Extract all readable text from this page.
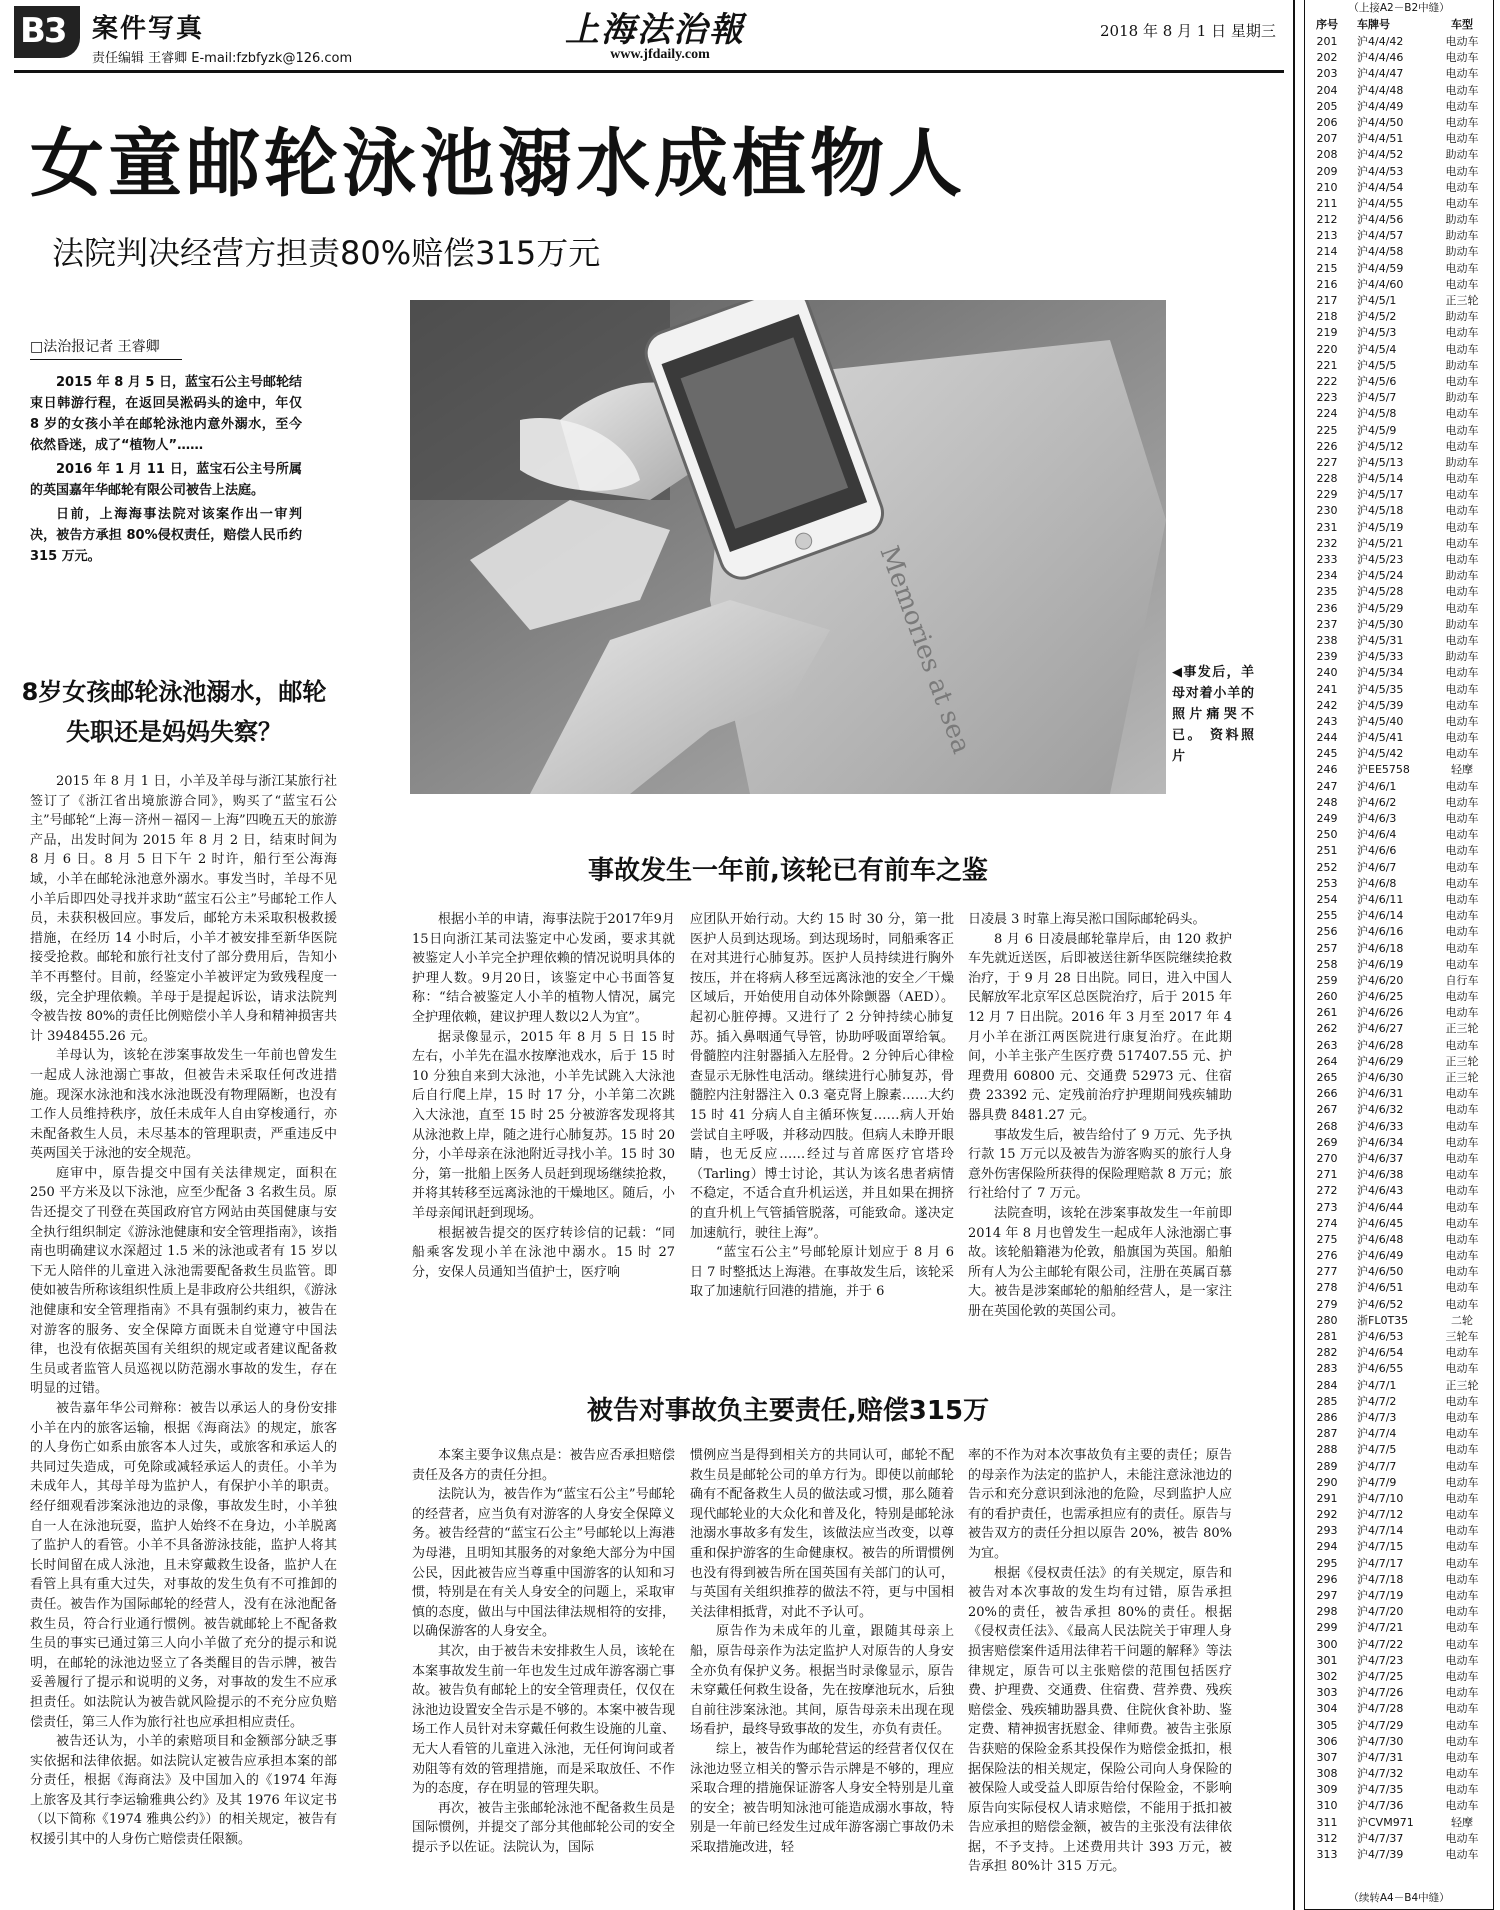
B3	案件写真
责任编辑 王睿卿 E-mail:fzbfyzk@126.com
上海法治報
www.jfdaily.com
2018 年 8 月 1 日 星期三
女童邮轮泳池溺水成植物人
法院判决经营方担责80%赔偿315万元
□法治报记者 王睿卿

2015 年 8 月 5 日，蓝宝石公主号邮轮结束日韩游行程，在返回吴淞码头的途中，年仅 8 岁的女孩小羊在邮轮泳池内意外溺水，至今依然昏迷，成了“植物人”……

2016 年 1 月 11 日，蓝宝石公主号所属的英国嘉年华邮轮有限公司被告上法庭。

日前，上海海事法院对该案作出一审判决，被告方承担 80%侵权责任，赔偿人民币约 315 万元。	Memories at sea	◀事发后，羊母对着小羊的照片痛哭不已。 资料照片
8岁女孩邮轮泳池溺水，邮轮失职还是妈妈失察？
事故发生一年前,该轮已有前车之鉴
被告对事故负主要责任,赔偿315万

2015 年 8 月 1 日，小羊及羊母与浙江某旅行社签订了《浙江省出境旅游合同》，购买了“蓝宝石公主”号邮轮“上海－济州－福冈－上海”四晚五天的旅游产品，出发时间为 2015 年 8 月 2 日，结束时间为 8 月 6 日。8 月 5 日下午 2 时许，船行至公海海域，小羊在邮轮泳池意外溺水。事发当时，羊母不见小羊后即四处寻找并求助“蓝宝石公主”号邮轮工作人员，未获积极回应。事发后，邮轮方未采取积极救援措施，在经历 14 小时后，小羊才被安排至新华医院接受抢救。邮轮和旅行社支付了部分费用后，告知小羊不再整付。目前，经鉴定小羊被评定为致残程度一级，完全护理依赖。羊母于是提起诉讼，请求法院判令被告按 80%的责任比例赔偿小羊人身和精神损害共计 3948455.26 元。

羊母认为，该轮在涉案事故发生一年前也曾发生一起成人泳池溺亡事故，但被告未采取任何改进措施。现深水泳池和浅水泳池既没有物理隔断，也没有工作人员维持秩序，放任未成年人自由穿梭通行，亦未配备救生人员，未尽基本的管理职责，严重违反中英两国关于泳池的安全规范。

庭审中，原告提交中国有关法律规定，面积在 250 平方米及以下泳池，应至少配备 3 名救生员。原告还提交了刊登在英国政府官方网站由英国健康与安全执行组织制定《游泳池健康和安全管理指南》，该指南也明确建议水深超过 1.5 米的泳池或者有 15 岁以下无人陪伴的儿童进入泳池需要配备救生员监管。即使如被告所称该组织性质上是非政府公共组织，《游泳池健康和安全管理指南》不具有强制约束力，被告在对游客的服务、安全保障方面既未自觉遵守中国法律，也没有依据英国有关组织的规定或者建议配备救生员或者监管人员巡视以防范溺水事故的发生，存在明显的过错。

被告嘉年华公司辩称：被告以承运人的身份安排小羊在内的旅客运输，根据《海商法》的规定，旅客的人身伤亡如系由旅客本人过失，或旅客和承运人的共同过失造成，可免除或减轻承运人的责任。小羊为未成年人，其母羊母为监护人，有保护小羊的职责。经仔细观看涉案泳池边的录像，事故发生时，小羊独自一人在泳池玩耍，监护人始终不在身边，小羊脱离了监护人的看管。小羊不具备游泳技能，监护人将其长时间留在成人泳池，且未穿戴救生设备，监护人在看管上具有重大过失，对事故的发生负有不可推卸的责任。被告作为国际邮轮的经营人，没有在泳池配备救生员，符合行业通行惯例。被告就邮轮上不配备救生员的事实已通过第三人向小羊做了充分的提示和说明，在邮轮的泳池边竖立了各类醒目的告示牌，被告妥善履行了提示和说明的义务，对事故的发生不应承担责任。如法院认为被告就风险提示的不充分应负赔偿责任，第三人作为旅行社也应承担相应责任。

被告还认为，小羊的索赔项目和金额部分缺乏事实依据和法律依据。如法院认定被告应承担本案的部分责任，根据《海商法》及中国加入的《1974 年海上旅客及其行李运输雅典公约》及其 1976 年议定书（以下简称《1974 雅典公约》）的相关规定，被告有权援引其中的人身伤亡赔偿责任限额。

根据小羊的申请，海事法院于2017年9月15日向浙江某司法鉴定中心发函，要求其就被鉴定人小羊完全护理依赖的情况说明具体的护理人数。9月20日，该鉴定中心书面答复称：“结合被鉴定人小羊的植物人情况，属完全护理依赖，建议护理人数以2人为宜”。

据录像显示，2015 年 8 月 5 日 15 时左右，小羊先在温水按摩池戏水，后于 15 时 10 分独自来到大泳池，小羊先试跳入大泳池后自行爬上岸，15 时 17 分，小羊第二次跳入大泳池，直至 15 时 25 分被游客发现将其从泳池救上岸，随之进行心肺复苏。15 时 20 分，小羊母亲在泳池附近寻找小羊。15 时 30 分，第一批船上医务人员赶到现场继续抢救，并将其转移至远离泳池的干燥地区。随后，小羊母亲闻讯赶到现场。

根据被告提交的医疗转诊信的记载：“同船乘客发现小羊在泳池中溺水。15 时 27 分，安保人员通知当值护士，医疗响

应团队开始行动。大约 15 时 30 分，第一批医护人员到达现场。到达现场时，同船乘客正在对其进行心肺复苏。医护人员持续进行胸外按压，并在将病人移至远离泳池的安全／干燥区域后，开始使用自动体外除颤器（AED）。起初心脏停搏。又进行了 2 分钟持续心肺复苏。插入鼻咽通气导管，协助呼吸面罩给氧。骨髓腔内注射器插入左胫骨。2 分钟后心律检查显示无脉性电活动。继续进行心肺复苏，骨髓腔内注射器注入 0.3 毫克肾上腺素……大约 15 时 41 分病人自主循环恢复……病人开始尝试自主呼吸，并移动四肢。但病人未睁开眼睛，也无反应……经过与首席医疗官塔玲（Tarling）博士讨论，其认为该名患者病情不稳定，不适合直升机运送，并且如果在拥挤的直升机上气管插管脱落，可能致命。遂决定加速航行，驶往上海”。

“蓝宝石公主”号邮轮原计划应于 8 月 6 日 7 时整抵达上海港。在事故发生后，该轮采取了加速航行回港的措施，并于 6

日凌晨 3 时靠上海吴淞口国际邮轮码头。

8 月 6 日凌晨邮轮靠岸后，由 120 救护车先就近送医，后即被送往新华医院继续抢救治疗，于 9 月 28 日出院。同日，进入中国人民解放军北京军区总医院治疗，后于 2015 年 12 月 7 日出院。2016 年 3 月至 2017 年 4 月小羊在浙江两医院进行康复治疗。在此期间，小羊主张产生医疗费 517407.55 元、护理费用 60800 元、交通费 52973 元、住宿费 23392 元、定残前治疗护理期间残疾辅助器具费 8481.27 元。

事故发生后，被告给付了 9 万元、先予执行款 15 万元以及被告为游客购买的旅行人身意外伤害保险所获得的保险理赔款 8 万元；旅行社给付了 7 万元。

法院查明，该轮在涉案事故发生一年前即 2014 年 8 月也曾发生一起成年人泳池溺亡事故。该轮船籍港为伦敦，船旗国为英国。船舶所有人为公主邮轮有限公司，注册在英属百慕大。被告是涉案邮轮的船舶经营人，是一家注册在英国伦敦的英国公司。

本案主要争议焦点是：被告应否承担赔偿责任及各方的责任分担。

法院认为，被告作为“蓝宝石公主”号邮轮的经营者，应当负有对游客的人身安全保障义务。被告经营的“蓝宝石公主”号邮轮以上海港为母港，且明知其服务的对象绝大部分为中国公民，因此被告应当尊重中国游客的认知和习惯，特别是在有关人身安全的问题上，采取审慎的态度，做出与中国法律法规相符的安排，以确保游客的人身安全。

其次，由于被告未安排救生人员，该轮在本案事故发生前一年也发生过成年游客溺亡事故。被告负有邮轮上的安全管理责任，仅仅在泳池边设置安全告示是不够的。本案中被告现场工作人员针对未穿戴任何救生设施的儿童、无大人看管的儿童进入泳池，无任何询问或者劝阻等有效的管理措施，而是采取放任、不作为的态度，存在明显的管理失职。

再次，被告主张邮轮泳池不配备救生员是国际惯例，并提交了部分其他邮轮公司的安全提示予以佐证。法院认为，国际

惯例应当是得到相关方的共同认可，邮轮不配救生员是邮轮公司的单方行为。即使以前邮轮确有不配备救生人员的做法或习惯，那么随着现代邮轮业的大众化和普及化，特别是邮轮泳池溺水事故多有发生，该做法应当改变，以尊重和保护游客的生命健康权。被告的所谓惯例也没有得到被告所在国英国有关部门的认可，与英国有关组织推荐的做法不符，更与中国相关法律相抵背，对此不予认可。

原告作为未成年的儿童，跟随其母亲上船，原告母亲作为法定监护人对原告的人身安全亦负有保护义务。根据当时录像显示，原告未穿戴任何救生设备，先在按摩池玩水，后独自前往涉案泳池。其间，原告母亲未出现在现场看护，最终导致事故的发生，亦负有责任。

综上，被告作为邮轮营运的经营者仅仅在泳池边竖立相关的警示告示牌是不够的，理应采取合理的措施保证游客人身安全特别是儿童的安全；被告明知泳池可能造成溺水事故，特别是一年前已经发生过成年游客溺亡事故仍未采取措施改进，轻

率的不作为对本次事故负有主要的责任；原告的母亲作为法定的监护人，未能注意泳池边的告示和充分意识到泳池的危险，尽到监护人应有的看护责任，也需承担应有的责任。原告与被告双方的责任分担以原告 20%，被告 80%为宜。

根据《侵权责任法》的有关规定，原告和被告对本次事故的发生均有过错，原告承担 20%的责任，被告承担 80%的责任。根据《侵权责任法》、《最高人民法院关于审理人身损害赔偿案件适用法律若干问题的解释》等法律规定，原告可以主张赔偿的范围包括医疗费、护理费、交通费、住宿费、营养费、残疾赔偿金、残疾辅助器具费、住院伙食补助、鉴定费、精神损害抚慰金、律师费。被告主张原告获赔的保险金系其投保作为赔偿金抵扣，根据保险法的相关规定，保险公司向人身保险的被保险人或受益人即原告给付保险金，不影响原告向实际侵权人请求赔偿，不能用于抵扣被告应承担的赔偿金额，被告的主张没有法律依据，不予支持。上述费用共计 393 万元，被告承担 80%计 315 万元。

（上接A2－B2中缝）
序号	车牌号	车型
201	沪4/4/42	电动车
202	沪4/4/46	电动车
203	沪4/4/47	电动车
204	沪4/4/48	电动车
205	沪4/4/49	电动车
206	沪4/4/50	电动车
207	沪4/4/51	电动车
208	沪4/4/52	助动车
209	沪4/4/53	电动车
210	沪4/4/54	电动车
211	沪4/4/55	电动车
212	沪4/4/56	助动车
213	沪4/4/57	助动车
214	沪4/4/58	助动车
215	沪4/4/59	电动车
216	沪4/4/60	电动车
217	沪4/5/1	正三轮
218	沪4/5/2	助动车
219	沪4/5/3	电动车
220	沪4/5/4	电动车
221	沪4/5/5	助动车
222	沪4/5/6	电动车
223	沪4/5/7	助动车
224	沪4/5/8	电动车
225	沪4/5/9	电动车
226	沪4/5/12	电动车
227	沪4/5/13	助动车
228	沪4/5/14	电动车
229	沪4/5/17	电动车
230	沪4/5/18	电动车
231	沪4/5/19	电动车
232	沪4/5/21	电动车
233	沪4/5/23	电动车
234	沪4/5/24	助动车
235	沪4/5/28	电动车
236	沪4/5/29	电动车
237	沪4/5/30	助动车
238	沪4/5/31	电动车
239	沪4/5/33	助动车
240	沪4/5/34	电动车
241	沪4/5/35	电动车
242	沪4/5/39	电动车
243	沪4/5/40	电动车
244	沪4/5/41	电动车
245	沪4/5/42	电动车
246	沪EE5758	轻摩
247	沪4/6/1	电动车
248	沪4/6/2	电动车
249	沪4/6/3	电动车
250	沪4/6/4	电动车
251	沪4/6/6	电动车
252	沪4/6/7	电动车
253	沪4/6/8	电动车
254	沪4/6/11	电动车
255	沪4/6/14	电动车
256	沪4/6/16	电动车
257	沪4/6/18	电动车
258	沪4/6/19	电动车
259	沪4/6/20	自行车
260	沪4/6/25	电动车
261	沪4/6/26	电动车
262	沪4/6/27	正三轮
263	沪4/6/28	电动车
264	沪4/6/29	正三轮
265	沪4/6/30	正三轮
266	沪4/6/31	电动车
267	沪4/6/32	电动车
268	沪4/6/33	电动车
269	沪4/6/34	电动车
270	沪4/6/37	电动车
271	沪4/6/38	电动车
272	沪4/6/43	电动车
273	沪4/6/44	电动车
274	沪4/6/45	电动车
275	沪4/6/48	电动车
276	沪4/6/49	电动车
277	沪4/6/50	电动车
278	沪4/6/51	电动车
279	沪4/6/52	电动车
280	浙FL0T35	二轮
281	沪4/6/53	三轮车
282	沪4/6/54	电动车
283	沪4/6/55	电动车
284	沪4/7/1	正三轮
285	沪4/7/2	电动车
286	沪4/7/3	电动车
287	沪4/7/4	电动车
288	沪4/7/5	电动车
289	沪4/7/7	电动车
290	沪4/7/9	电动车
291	沪4/7/10	电动车
292	沪4/7/12	电动车
293	沪4/7/14	电动车
294	沪4/7/15	电动车
295	沪4/7/17	电动车
296	沪4/7/18	电动车
297	沪4/7/19	电动车
298	沪4/7/20	电动车
299	沪4/7/21	电动车
300	沪4/7/22	电动车
301	沪4/7/23	电动车
302	沪4/7/25	电动车
303	沪4/7/26	电动车
304	沪4/7/28	电动车
305	沪4/7/29	电动车
306	沪4/7/30	电动车
307	沪4/7/31	电动车
308	沪4/7/32	电动车
309	沪4/7/35	电动车
310	沪4/7/36	电动车
311	沪CVM971	轻摩
312	沪4/7/37	电动车
313	沪4/7/39	电动车
（续转A4－B4中缝）
